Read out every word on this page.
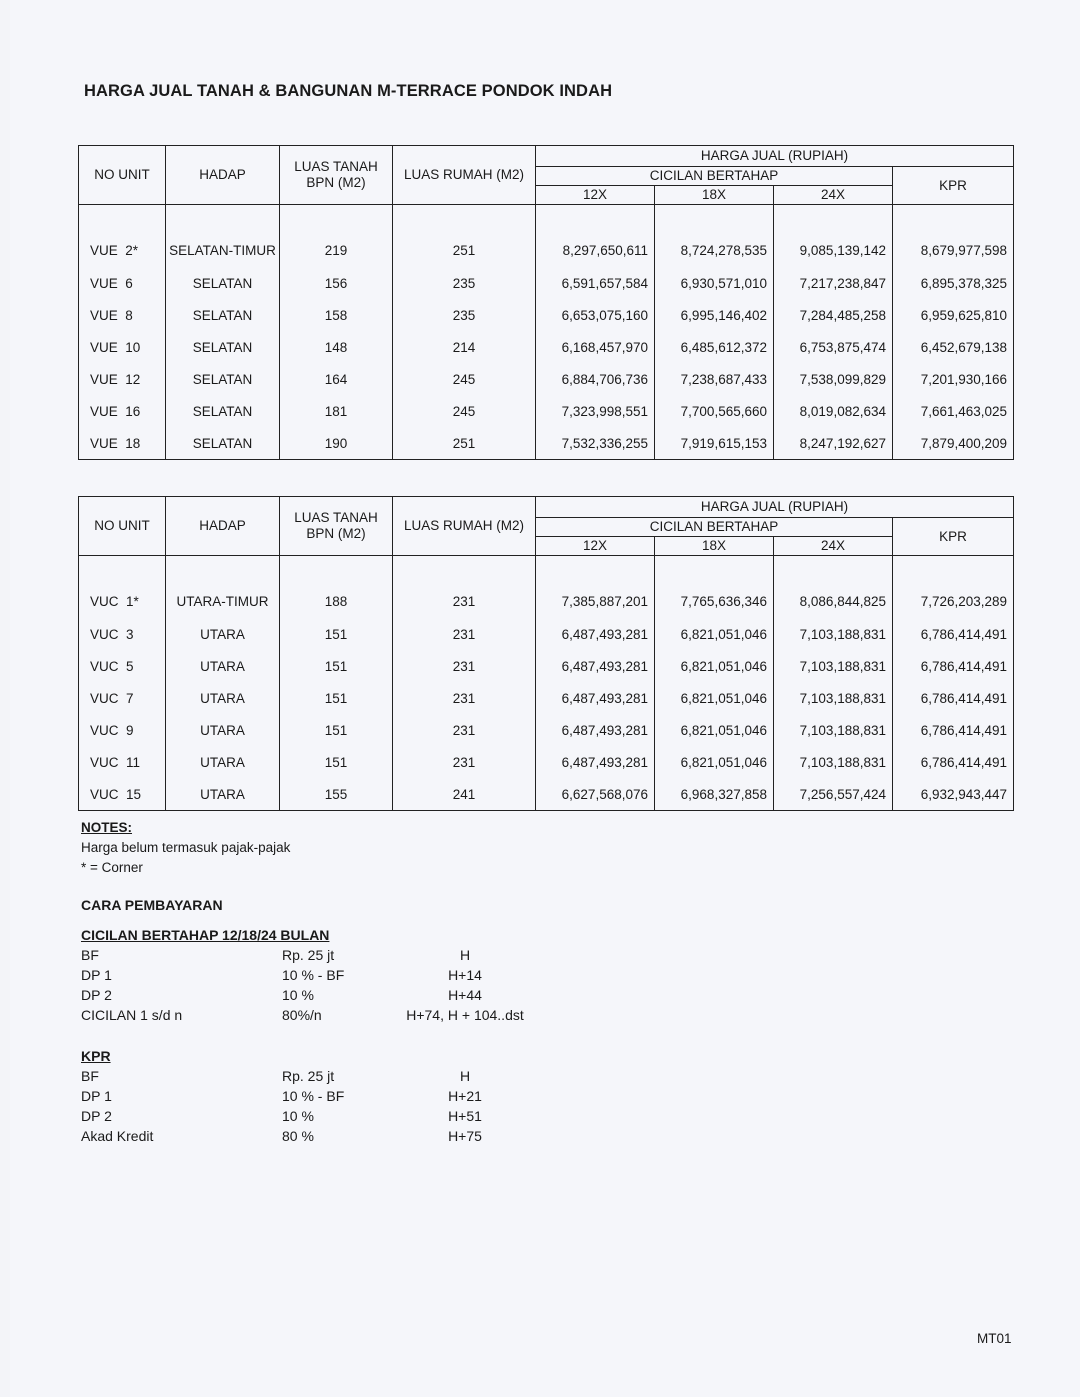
HARGA JUAL TANAH & BANGUNAN M-TERRACE PONDOK INDAH
NO UNIT	HADAP	LUAS TANAH BPN (M2)	LUAS RUMAH (M2)	HARGA JUAL (RUPIAH)			
				CICILAN BERTAHAP			KPR
				12X	18X	24X	
VUE 2*	SELATAN-TIMUR	219	251	8,297,650,611	8,724,278,535	9,085,139,142	8,679,977,598
VUE 6	SELATAN	156	235	6,591,657,584	6,930,571,010	7,217,238,847	6,895,378,325
VUE 8	SELATAN	158	235	6,653,075,160	6,995,146,402	7,284,485,258	6,959,625,810
VUE 10	SELATAN	148	214	6,168,457,970	6,485,612,372	6,753,875,474	6,452,679,138
VUE 12	SELATAN	164	245	6,884,706,736	7,238,687,433	7,538,099,829	7,201,930,166
VUE 16	SELATAN	181	245	7,323,998,551	7,700,565,660	8,019,082,634	7,661,463,025
VUE 18	SELATAN	190	251	7,532,336,255	7,919,615,153	8,247,192,627	7,879,400,209
NO UNIT	HADAP	LUAS TANAH BPN (M2)	LUAS RUMAH (M2)	HARGA JUAL (RUPIAH)			
				CICILAN BERTAHAP			KPR
				12X	18X	24X	
VUC 1*	UTARA-TIMUR	188	231	7,385,887,201	7,765,636,346	8,086,844,825	7,726,203,289
VUC 3	UTARA	151	231	6,487,493,281	6,821,051,046	7,103,188,831	6,786,414,491
VUC 5	UTARA	151	231	6,487,493,281	6,821,051,046	7,103,188,831	6,786,414,491
VUC 7	UTARA	151	231	6,487,493,281	6,821,051,046	7,103,188,831	6,786,414,491
VUC 9	UTARA	151	231	6,487,493,281	6,821,051,046	7,103,188,831	6,786,414,491
VUC 11	UTARA	151	231	6,487,493,281	6,821,051,046	7,103,188,831	6,786,414,491
VUC 15	UTARA	155	241	6,627,568,076	6,968,327,858	7,256,557,424	6,932,943,447
NOTES:
Harga belum termasuk pajak-pajak
* = Corner
CARA PEMBAYARAN
CICILAN BERTAHAP 12/18/24 BULAN
BF	Rp. 25 jt	H
DP 1	10 % - BF	H+14
DP 2	10 %	H+44
CICILAN 1 s/d n	80%/n	H+74, H + 104..dst
KPR
BF	Rp. 25 jt	H
DP 1	10 % - BF	H+21
DP 2	10 %	H+51
Akad Kredit	80 %	H+75
MT01
